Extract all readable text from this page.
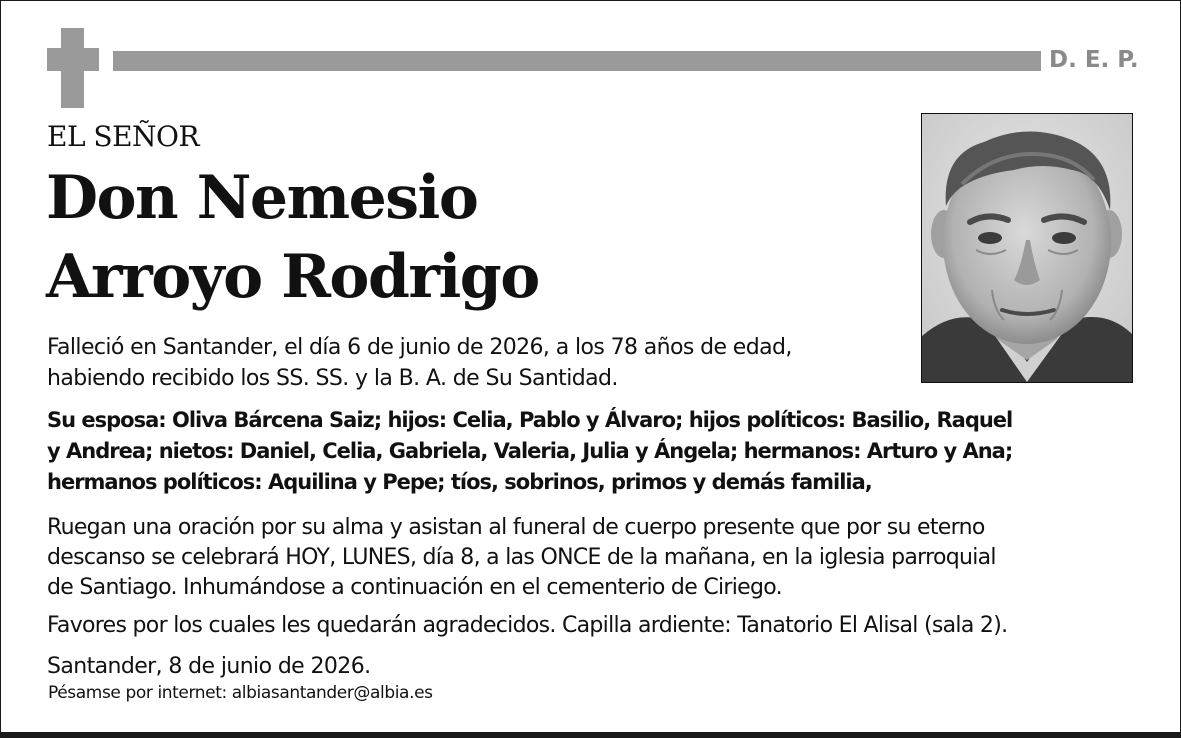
D. E. P.
EL SEÑOR
Don Nemesio
Arroyo Rodrigo
Falleció en Santander, el día 6 de junio de 2026, a los 78 años de edad,
habiendo recibido los SS. SS. y la B. A. de Su Santidad.
Su esposa: Oliva Bárcena Saiz; hijos: Celia, Pablo y Álvaro; hijos políticos: Basilio, Raquel
y Andrea; nietos: Daniel, Celia, Gabriela, Valeria, Julia y Ángela; hermanos: Arturo y Ana;
hermanos políticos: Aquilina y Pepe; tíos, sobrinos, primos y demás familia,
Ruegan una oración por su alma y asistan al funeral de cuerpo presente que por su eterno
descanso se celebrará HOY, LUNES, día 8, a las ONCE de la mañana, en la iglesia parroquial
de Santiago. Inhumándose a continuación en el cementerio de Ciriego.
Favores por los cuales les quedarán agradecidos. Capilla ardiente: Tanatorio El Alisal (sala 2).
Santander, 8 de junio de 2026.
Pésamse por internet: albiasantander@albia.es
